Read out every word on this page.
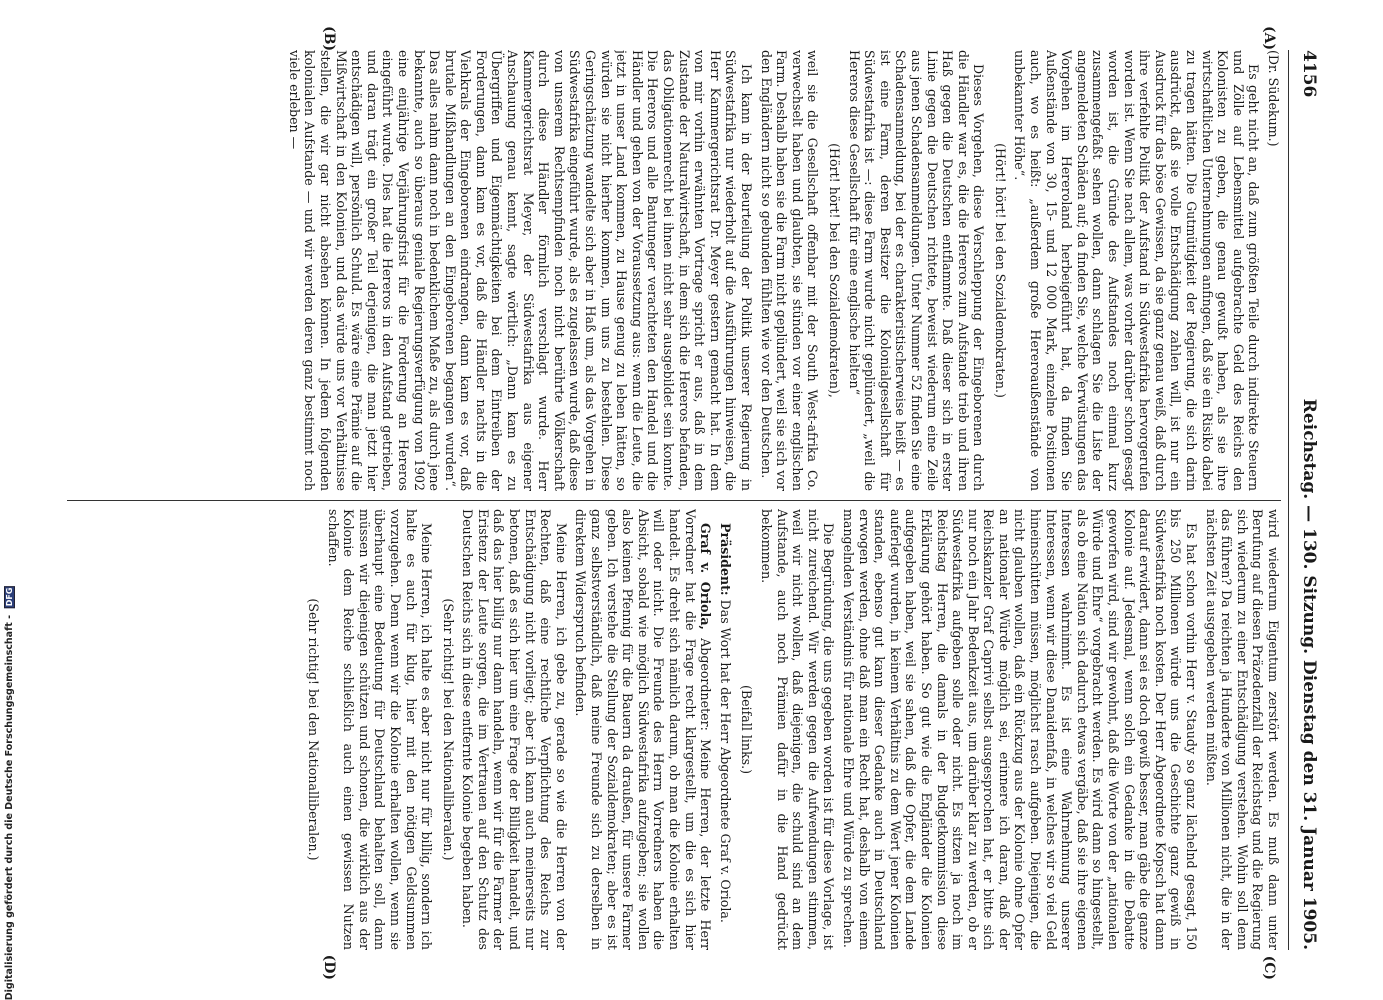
4156
Reichstag. — 130. Sitzung. Dienstag den 31. Januar 1905.
(A)
(B)
(C)
(D)

(Dr. Südekum.)

Es geht nicht an, daß zum größten Teile durch indirekte Steuern und Zölle auf Lebensmittel aufgebrachte Geld des Reichs den Kolonisten zu geben, die genau gewußt haben, als sie ihre wirtschaftlichen Unternehmungen anfingen, daß sie ein Risiko dabei zu tragen hätten. Die Gutmütigkeit der Regierung, die sich darin ausdrückt, daß sie volle Entschädigung zahlen will, ist nur ein Ausdruck für das böse Gewissen, da sie ganz genau weiß, daß durch ihre verfehlte Politik der Aufstand in Südwestafrika hervorgerufen worden ist. Wenn Sie nach allem, was vorher darüber schon gesagt worden ist, die Gründe des Aufstandes noch einmal kurz zusammengefaßt sehen wollen, dann schlagen Sie die Liste der angemeldeten Schäden auf; da finden Sie, welche Verwüstungen das Vorgehen im Hereroland herbeigeführt hat, da finden Sie Außenstände von 30, 15- und 12 000 Mark, einzelne Positionen auch, wo es heißt: „außerdem große Hereroaußenstände von unbekannter Höhe“.

(Hört! hört! bei den Sozialdemokraten.)

Dieses Vorgehen, diese Verschleppung der Eingeborenen durch die Händler war es, die die Hereros zum Aufstande trieb und ihren Haß gegen die Deutschen entflammte. Daß dieser sich in erster Linie gegen die Deutschen richtete, beweist wiederum eine Zeile aus jenen Schadensanmeldungen. Unter Nummer 52 finden Sie eine Schadensanmeldung, bei der es charakteristischerweise heißt — es ist eine Farm, deren Besitzer die Kolonialgesellschaft für Südwestafrika ist —: diese Farm wurde nicht geplündert, „weil die Hereros diese Gesellschaft für eine englische hielten“

(Hört! hört! bei den Sozialdemokraten),

weil sie die Gesellschaft offenbar mit der South West-afrika Co. verwechselt haben und glaubten, sie stünden vor einer englischen Farm. Deshalb haben sie die Farm nicht geplündert, weil sie sich vor den Engländern nicht so gebunden fühlten wie vor den Deutschen.

Ich kann in der Beurteilung der Politik unserer Regierung in Südwestafrika nur wiederholt auf die Ausführungen hinweisen, die Herr Kammergerichtsrat Dr. Meyer gestern gemacht hat. In dem von mir vorhin erwähnten Vortrage spricht er aus, daß in dem Zustande der Naturalwirtschaft, in dem sich die Hereros befanden, das Obligationenrecht bei ihnen nicht sehr ausgebildet sein konnte. Die Hereros und alle Bantuneger verachteten den Handel und die Händler und gehen von der Voraussetzung aus: wenn die Leute, die jetzt in unser Land kommen, zu Hause genug zu leben hätten, so würden sie nicht hierher kommen, um uns zu bestehlen. Diese Geringschätzung wandelte sich aber in Haß um, als das Vorgehen in Südwestafrika eingeführt wurde, als es zugelassen wurde, daß diese von unserem Rechtsempfinden noch nicht berührte Völkerschaft durch diese Händler förmlich verschlagt wurde. Herr Kammergerichtsrat Meyer, der Südwestafrika aus eigener Anschauung genau kennt, sagte wörtlich: „Dann kam es zu Übergriffen und Eigenmächtigkeiten bei dem Eintreiben der Forderungen, dann kam es vor, daß die Händler nachts in die Viehkrals der Eingeborenen eindrangen, dann kam es vor, daß brutale Mißhandlungen an den Eingeborenen begangen wurden“. Das alles nahm dann noch in bedenklichem Maße zu, als durch jene bekannte, auch so überaus geniale Regierungsverfügung von 1902 eine einjährige Verjährungsfrist für die Forderung an Hereros eingeführt wurde. Dies hat die Hereros in den Aufstand getrieben, und daran trägt ein großer Teil derjenigen, die man jetzt hier entschädigen will, persönlich Schuld. Es wäre eine Prämie auf die Mißwirtschaft in den Kolonien, und das würde uns vor Verhältnisse stellen, die wir gar nicht absehen können. In jedem folgenden kolonialen Aufstande — und wir werden deren ganz bestimmt noch viele erleben —

wird wiederum Eigentum zerstört werden. Es muß dann unter Berufung auf diesen Präzedenzfall der Reichstag und die Regierung sich wiederum zu einer Entschädigung verstehen. Wohin soll denn das führen? Da reichten ja Hunderte von Millionen nicht, die in der nächsten Zeit ausgegeben werden müßten.

Es hat schon vorhin Herr v. Staudy so ganz lächelnd gesagt, 150 bis 250 Millionen würde uns die Geschichte ganz gewiß in Südwestafrika noch kosten. Der Herr Abgeordnete Kopsch hat dann darauf erwidert, dann sei es doch gewiß besser, man gäbe die ganze Kolonie auf. Jedesmal, wenn solch ein Gedanke in die Debatte geworfen wird, sind wir gewohnt, daß die Worte von der „nationalen Würde und Ehre“ vorgebracht werden. Es wird dann so hingestellt, als ob eine Nation sich dadurch etwas vergäbe, daß sie ihre eigenen Interessen wahrnimmt. Es ist eine Wahrnehmung unserer Interessen, wenn wir diese Danaidenfaß, in welches wir so viel Geld hineinschütten müssen, möglichst rasch aufgeben. Diejenigen, die nicht glauben wollen, daß ein Rückzug aus der Kolonie ohne Opfer an nationaler Würde möglich sei, erinnere ich daran, daß der Reichskanzler Graf Caprivi selbst ausgesprochen hat, er bitte sich nur noch ein Jahr Bedenkzeit aus, um darüber klar zu werden, ob er Südwestafrika aufgeben solle oder nicht. Es sitzen ja noch im Reichstag Herren, die damals in der Budgetkommission diese Erklärung gehört haben. So gut wie die Engländer die Kolonien aufgegeben haben, weil sie sahen, daß die Opfer, die dem Lande auferlegt wurden, in keinem Verhältnis zu dem Wert jener Kolonien standen, ebenso gut kann dieser Gedanke auch in Deutschland erwogen werden, ohne daß man ein Recht hat, deshalb von einem mangelnden Verständnis für nationale Ehre und Würde zu sprechen.

Die Begründung, die uns gegeben worden ist für diese Vorlage, ist nicht zureichend. Wir werden gegen die Aufwendungen stimmen, weil wir nicht wollen, daß diejenigen, die schuld sind an dem Aufstande, auch noch Prämien dafür in die Hand gedrückt bekommen.

(Beifall links.)

Präsident: Das Wort hat der Herr Abgeordnete Graf v. Oriola.

Graf v. Oriola, Abgeordneter: Meine Herren, der letzte Herr Vorredner hat die Frage recht klargestellt, um die es sich hier handelt. Es dreht sich nämlich darum, ob man die Kolonie erhalten will oder nicht. Die Freunde des Herrn Vorredners haben die Absicht, sobald wie möglich Südwestafrika aufzugeben; sie wollen also keinen Pfennig für die Bauern da draußen, für unsere Farmer geben. Ich verstehe die Stellung der Sozialdemokraten; aber es ist ganz selbstverständlich, daß meine Freunde sich zu derselben in direktem Widerspruch befinden.

Meine Herren, ich gebe zu, gerade so wie die Herren von der Rechten, daß eine rechtliche Verpflichtung des Reichs zur Entschädigung nicht vorliegt; aber ich kann auch meinerseits nur betonen, daß es sich hier um eine Frage der Billigkeit handelt, und daß das hier billig nur dann handeln, wenn wir für die Farmer der Eristenz der Leute sorgen, die im Vertrauen auf den Schutz des Deutschen Reichs sich in diese entfernte Kolonie begeben haben.

(Sehr richtig! bei den Nationalliberalen.)

Meine Herren, ich halte es aber nicht nur für billig, sondern ich halte es auch für klug, hier mit den nötigen Geldsummen vorzugehen. Denn wenn wir die Kolonie erhalten wollen, wenn sie überhaupt eine Bedeutung für Deutschland behalten soll, dann müssen wir diejenigen schützen und schonen, die wirklich aus der Kolonie dem Reiche schließlich auch einen gewissen Nutzen schaffen.

(Sehr richtig! bei den Nationalliberalen.)

Digitalisierung gefördert durch die Deutsche Forschungsgemeinschaft - DFG
